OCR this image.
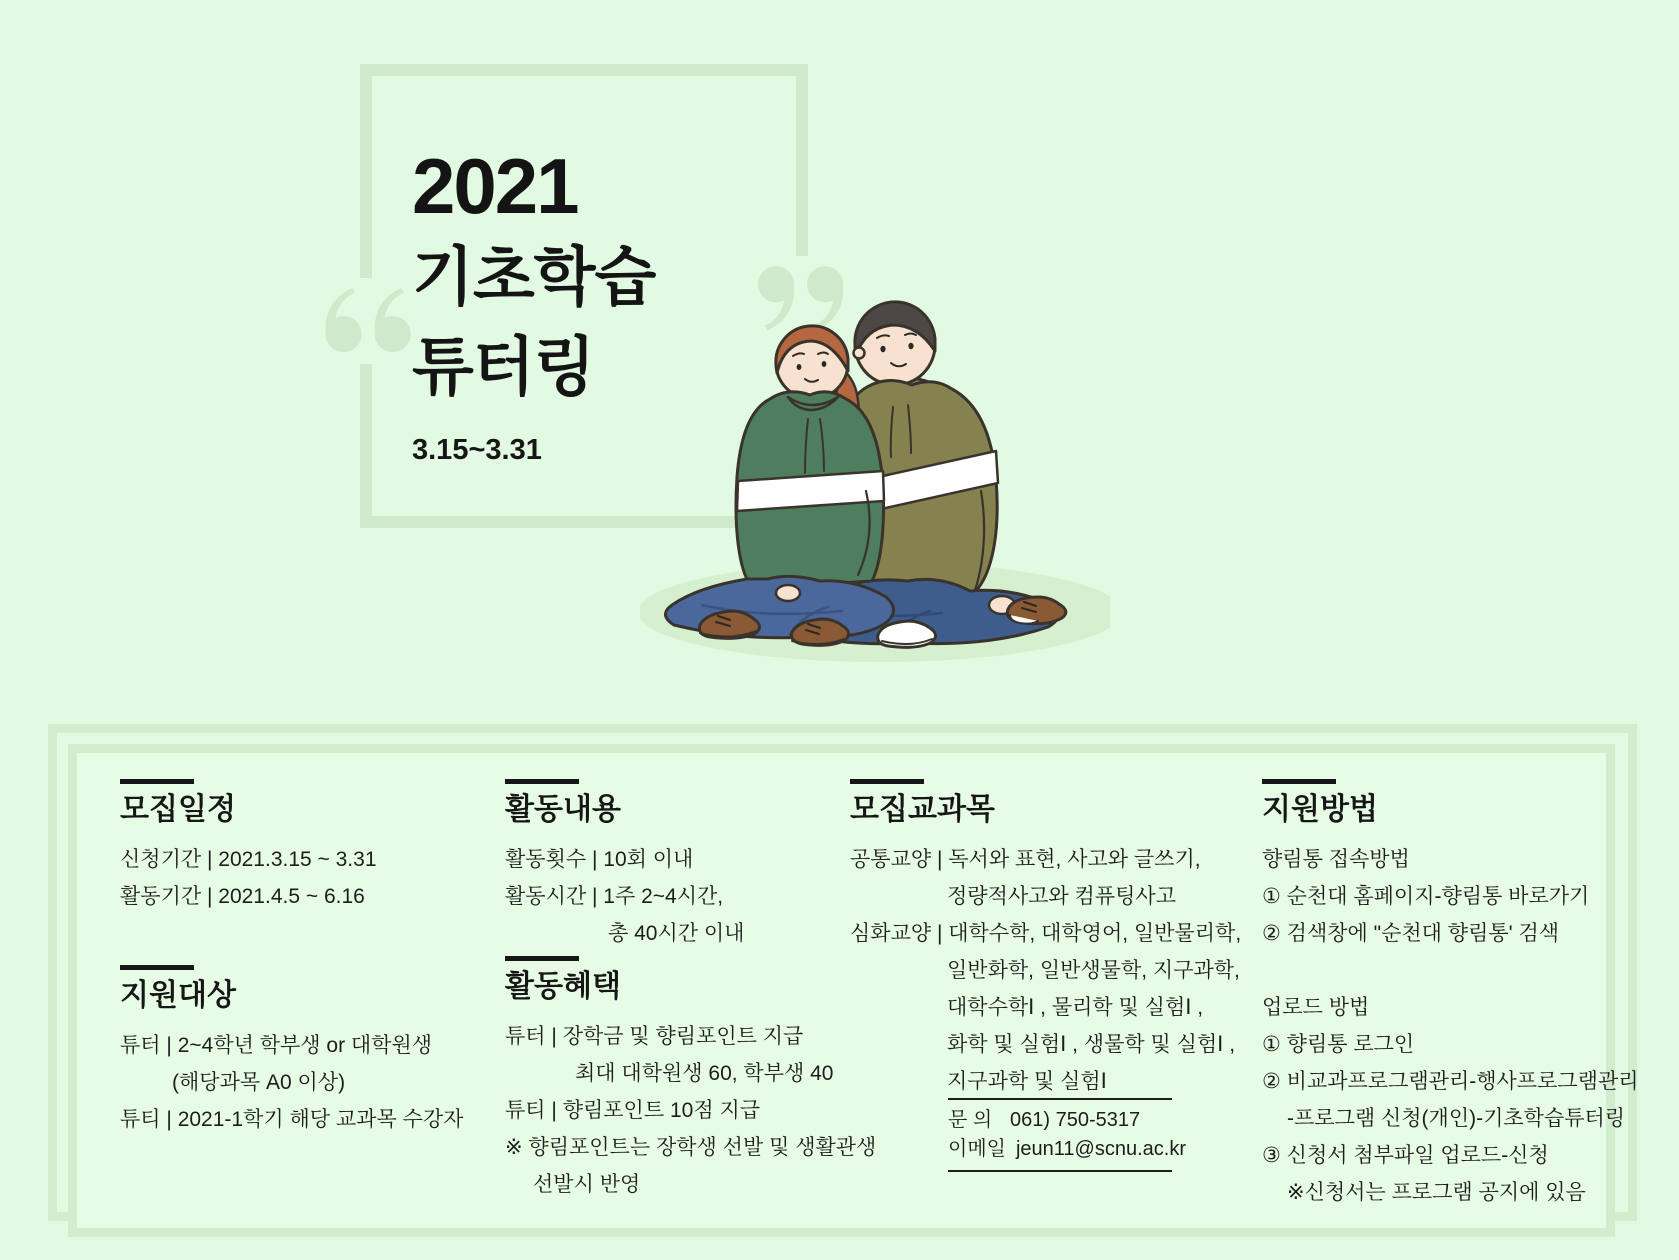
2021
기초학습
튜터링
3.15~3.31
모집일정
신청기간 | 2021.3.15 ~ 3.31
활동기간 | 2021.4.5 ~ 6.16
지원대상
튜터 | 2~4학년 학부생 or 대학원생
(해당과목 A0 이상)
튜티 | 2021-1학기 해당 교과목 수강자
활동내용
활동횟수 | 10회 이내
활동시간 | 1주 2~4시간,
총 40시간 이내
활동혜택
튜터 | 장학금 및 향림포인트 지급
최대 대학원생 60, 학부생 40
튜티 | 향림포인트 10점 지급
※ 향림포인트는 장학생 선발 및 생활관생
선발시 반영
모집교과목
공통교양 | 독서와 표현, 사고와 글쓰기,
정량적사고와 컴퓨팅사고
심화교양 | 대학수학, 대학영어, 일반물리학,
일반화학, 일반생물학, 지구과학,
대학수학Ⅰ , 물리학 및 실험Ⅰ ,
화학 및 실험Ⅰ , 생물학 및 실험Ⅰ ,
지구과학 및 실험Ⅰ
지원방법
향림통 접속방법
① 순천대 홈페이지-향림통 바로가기
② 검색창에 "순천대 향림통' 검색
업로드 방법
① 향림통 로그인
② 비교과프로그램관리-행사프로그램관리
-프로그램 신청(개인)-기초학습튜터링
③ 신청서 첨부파일 업로드-신청
※신청서는 프로그램 공지에 있음
문 의 061) 750-5317
이메일 jeun11@scnu.ac.kr
